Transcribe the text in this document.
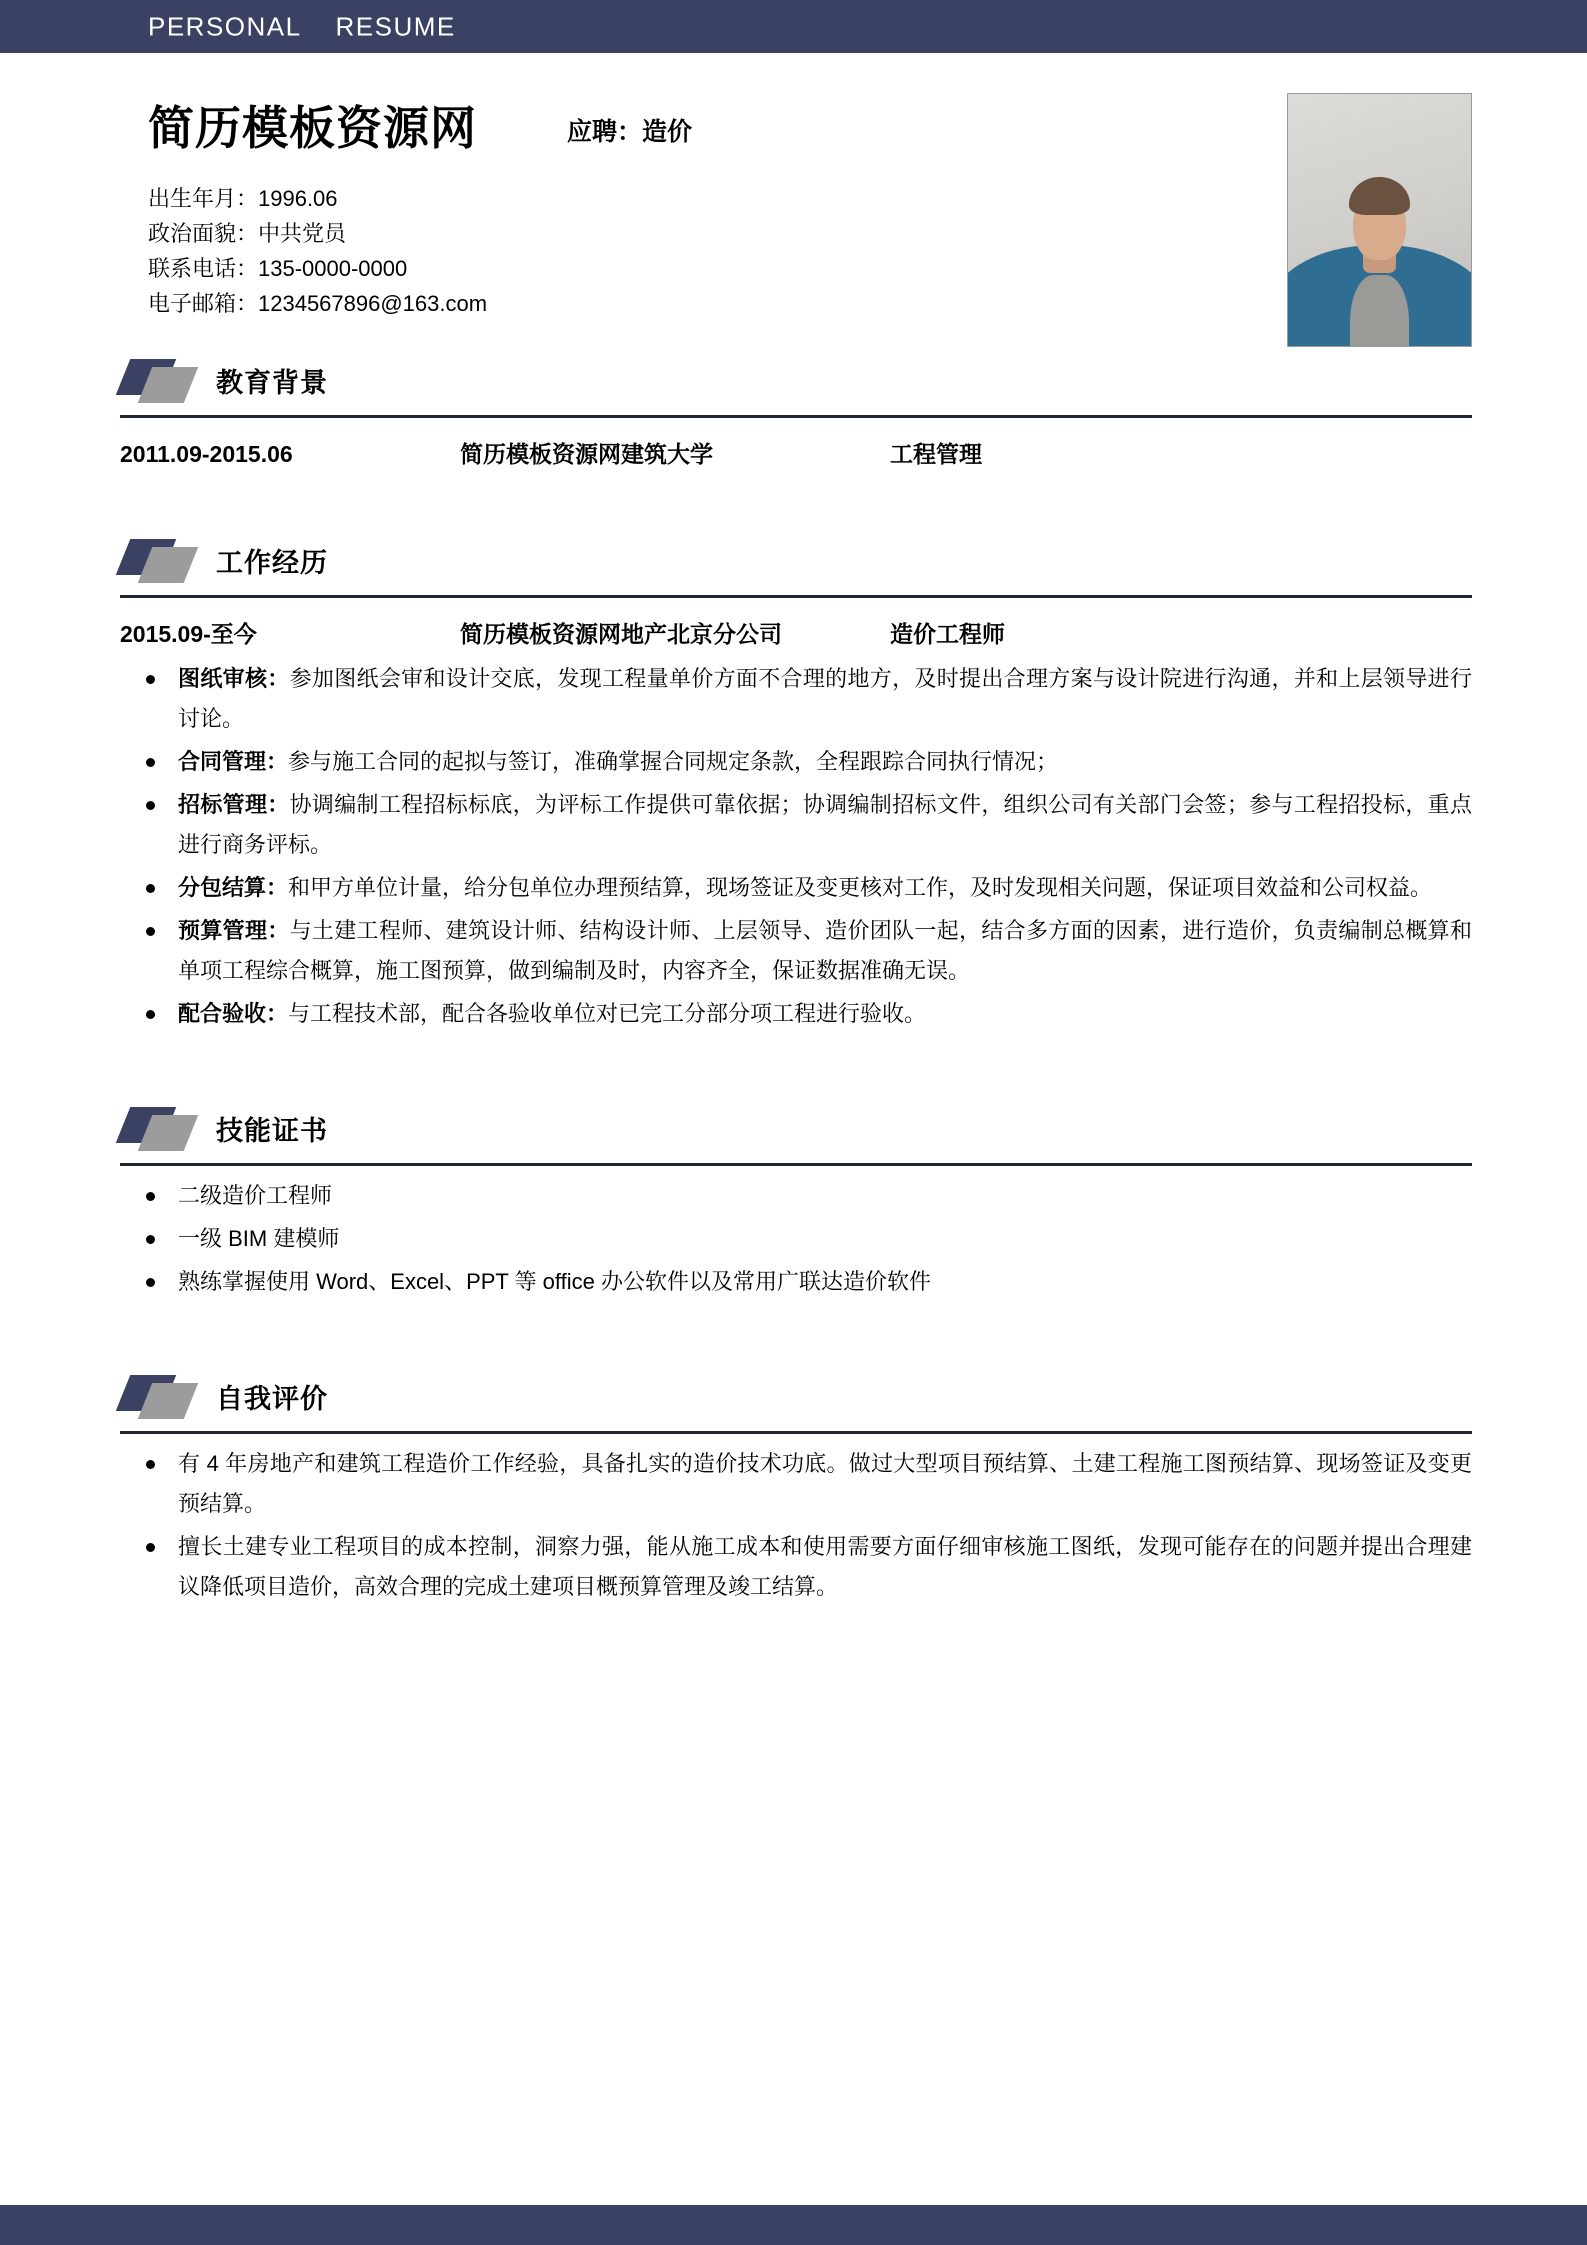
PERSONAL    RESUME
简历模板资源网	应聘：造价
出生年月：1996.06
政治面貌：中共党员
联系电话：135-0000-0000
电子邮箱：1234567896@163.com
教育背景
2011.09-2015.06	简历模板资源网建筑大学	工程管理
工作经历
2015.09-至今	简历模板资源网地产北京分公司	造价工程师
图纸审核：参加图纸会审和设计交底，发现工程量单价方面不合理的地方，及时提出合理方案与设计院进行沟通，并和上层领导进行讨论。
合同管理：参与施工合同的起拟与签订，准确掌握合同规定条款，全程跟踪合同执行情况；
招标管理：协调编制工程招标标底，为评标工作提供可靠依据；协调编制招标文件，组织公司有关部门会签；参与工程招投标，重点进行商务评标。
分包结算：和甲方单位计量，给分包单位办理预结算，现场签证及变更核对工作，及时发现相关问题，保证项目效益和公司权益。
预算管理：与土建工程师、建筑设计师、结构设计师、上层领导、造价团队一起，结合多方面的因素，进行造价，负责编制总概算和单项工程综合概算，施工图预算，做到编制及时，内容齐全，保证数据准确无误。
配合验收：与工程技术部，配合各验收单位对已完工分部分项工程进行验收。
技能证书
二级造价工程师
一级 BIM 建模师
熟练掌握使用 Word、Excel、PPT 等 office 办公软件以及常用广联达造价软件
自我评价
有 4 年房地产和建筑工程造价工作经验，具备扎实的造价技术功底。做过大型项目预结算、土建工程施工图预结算、现场签证及变更预结算。
擅长土建专业工程项目的成本控制，洞察力强，能从施工成本和使用需要方面仔细审核施工图纸，发现可能存在的问题并提出合理建议降低项目造价，高效合理的完成土建项目概预算管理及竣工结算。
